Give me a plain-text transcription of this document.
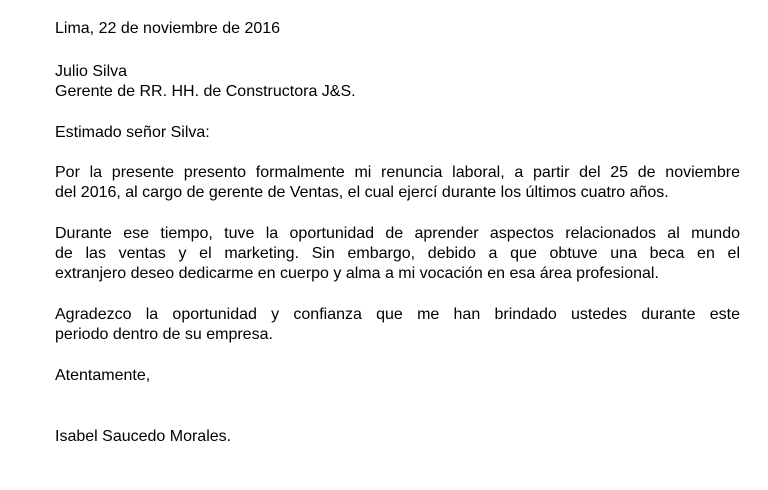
Lima, 22 de noviembre de 2016
Julio Silva
Gerente de RR. HH. de Constructora J&S.
Estimado señor Silva:
Por la presente presento formalmente mi renuncia laboral, a partir del 25 de noviembre
del 2016, al cargo de gerente de Ventas, el cual ejercí durante los últimos cuatro años.
Durante ese tiempo, tuve la oportunidad de aprender aspectos relacionados al mundo
de las ventas y el marketing. Sin embargo, debido a que obtuve una beca en el
extranjero deseo dedicarme en cuerpo y alma a mi vocación en esa área profesional.
Agradezco la oportunidad y confianza que me han brindado ustedes durante este
periodo dentro de su empresa.
Atentamente,
Isabel Saucedo Morales.
